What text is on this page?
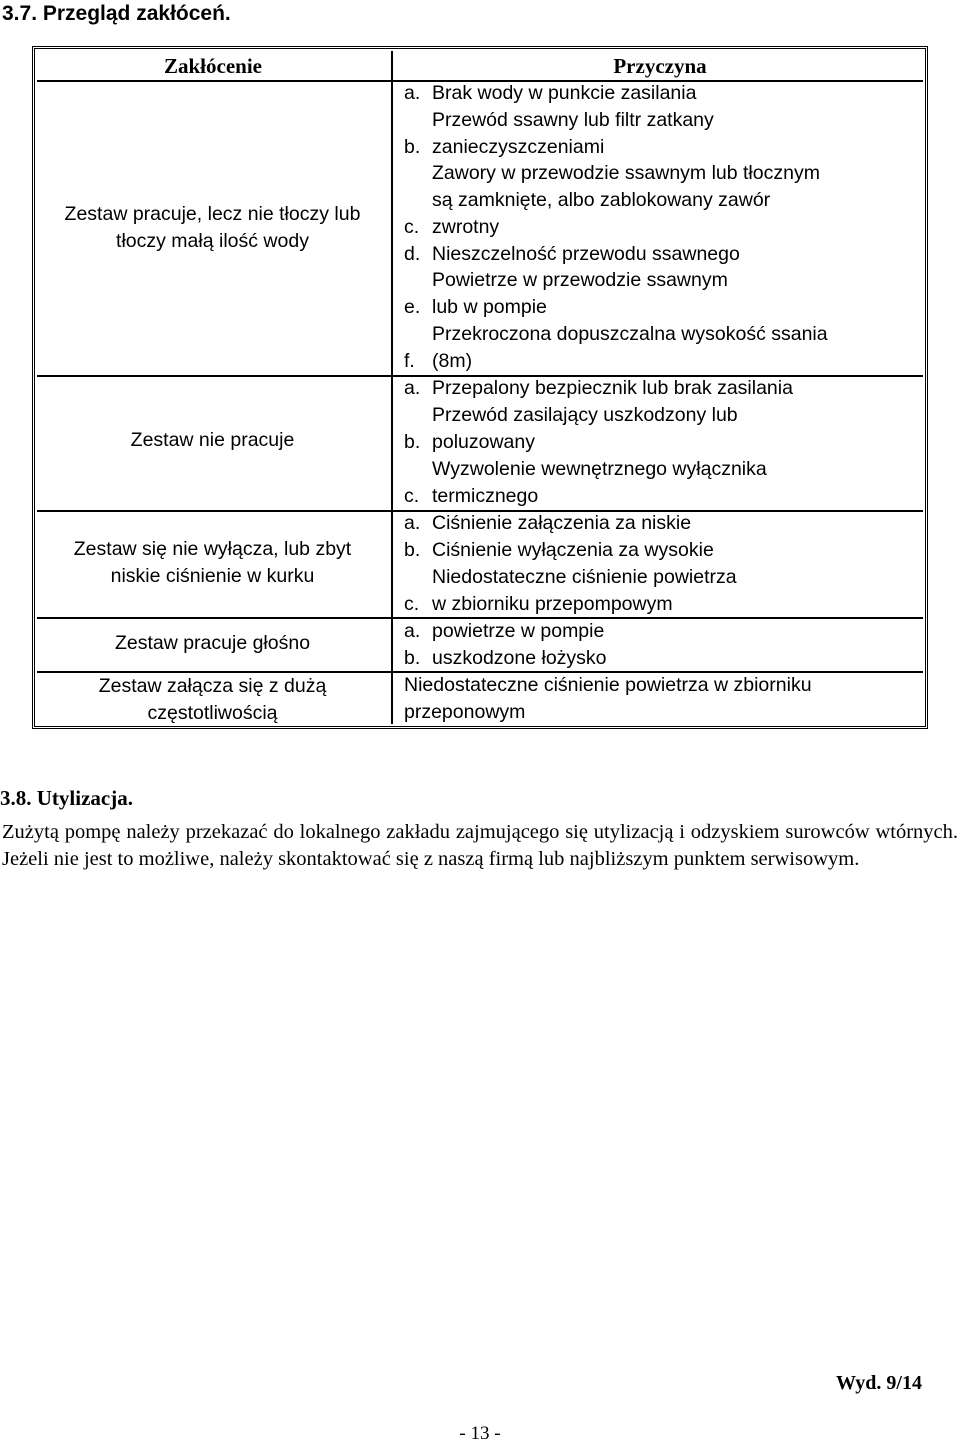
3.7. Przegląd zakłóceń.
Zakłócenie	Przyczyna
Zestaw pracuje, lecz nie tłoczy lub
tłoczy małą ilość wody
Zestaw nie pracuje
Zestaw się nie wyłącza, lub zbyt
niskie ciśnienie w kurku
Zestaw pracuje głośno
Zestaw załącza się z dużą
częstotliwością
a. Brak wody w punkcie zasilania
b.
Przewód ssawny lub filtr zatkany
zanieczyszczeniami
c.
Zawory w przewodzie ssawnym lub tłocznym
są zamknięte, albo zablokowany zawór
zwrotny
d. Nieszczelność przewodu ssawnego
e.
Powietrze w przewodzie ssawnym
lub w pompie
f.
Przekroczona dopuszczalna wysokość ssania
(8m)
a. Przepalony bezpiecznik lub brak zasilania
b.
Przewód zasilający uszkodzony lub
poluzowany
c.
Wyzwolenie wewnętrznego wyłącznika
termicznego
a. Ciśnienie załączenia za niskie
b. Ciśnienie wyłączenia za wysokie
c.
Niedostateczne ciśnienie powietrza
w zbiorniku przepompowym
a. powietrze w pompie
b. uszkodzone łożysko
Niedostateczne ciśnienie powietrza w zbiorniku przeponowym
3.8. Utylizacja.
Zużytą pompę należy przekazać do lokalnego zakładu zajmującego się utylizacją i odzyskiem surowców wtórnych. Jeżeli nie jest to możliwe, należy skontaktować się z naszą firmą lub najbliższym punktem serwisowym.
Wyd. 9/14
- 13 -
